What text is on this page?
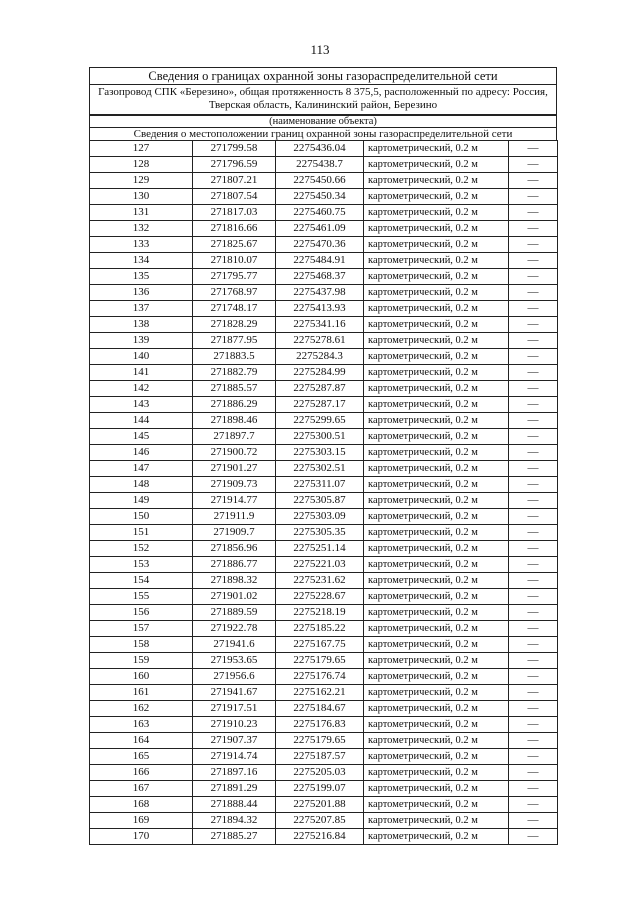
113
Сведения о границах охранной зоны газораспределительной сети
Газопровод СПК «Березино», общая протяженность 8 375,5, расположенный по адресу: Россия,
Тверская область, Калининский район, Березино
(наименование объекта)
Сведения о местоположении границ охранной зоны газораспределительной сети
127	271799.58	2275436.04	картометрический, 0.2 м	—
128	271796.59	2275438.7	картометрический, 0.2 м	—
129	271807.21	2275450.66	картометрический, 0.2 м	—
130	271807.54	2275450.34	картометрический, 0.2 м	—
131	271817.03	2275460.75	картометрический, 0.2 м	—
132	271816.66	2275461.09	картометрический, 0.2 м	—
133	271825.67	2275470.36	картометрический, 0.2 м	—
134	271810.07	2275484.91	картометрический, 0.2 м	—
135	271795.77	2275468.37	картометрический, 0.2 м	—
136	271768.97	2275437.98	картометрический, 0.2 м	—
137	271748.17	2275413.93	картометрический, 0.2 м	—
138	271828.29	2275341.16	картометрический, 0.2 м	—
139	271877.95	2275278.61	картометрический, 0.2 м	—
140	271883.5	2275284.3	картометрический, 0.2 м	—
141	271882.79	2275284.99	картометрический, 0.2 м	—
142	271885.57	2275287.87	картометрический, 0.2 м	—
143	271886.29	2275287.17	картометрический, 0.2 м	—
144	271898.46	2275299.65	картометрический, 0.2 м	—
145	271897.7	2275300.51	картометрический, 0.2 м	—
146	271900.72	2275303.15	картометрический, 0.2 м	—
147	271901.27	2275302.51	картометрический, 0.2 м	—
148	271909.73	2275311.07	картометрический, 0.2 м	—
149	271914.77	2275305.87	картометрический, 0.2 м	—
150	271911.9	2275303.09	картометрический, 0.2 м	—
151	271909.7	2275305.35	картометрический, 0.2 м	—
152	271856.96	2275251.14	картометрический, 0.2 м	—
153	271886.77	2275221.03	картометрический, 0.2 м	—
154	271898.32	2275231.62	картометрический, 0.2 м	—
155	271901.02	2275228.67	картометрический, 0.2 м	—
156	271889.59	2275218.19	картометрический, 0.2 м	—
157	271922.78	2275185.22	картометрический, 0.2 м	—
158	271941.6	2275167.75	картометрический, 0.2 м	—
159	271953.65	2275179.65	картометрический, 0.2 м	—
160	271956.6	2275176.74	картометрический, 0.2 м	—
161	271941.67	2275162.21	картометрический, 0.2 м	—
162	271917.51	2275184.67	картометрический, 0.2 м	—
163	271910.23	2275176.83	картометрический, 0.2 м	—
164	271907.37	2275179.65	картометрический, 0.2 м	—
165	271914.74	2275187.57	картометрический, 0.2 м	—
166	271897.16	2275205.03	картометрический, 0.2 м	—
167	271891.29	2275199.07	картометрический, 0.2 м	—
168	271888.44	2275201.88	картометрический, 0.2 м	—
169	271894.32	2275207.85	картометрический, 0.2 м	—
170	271885.27	2275216.84	картометрический, 0.2 м	—
